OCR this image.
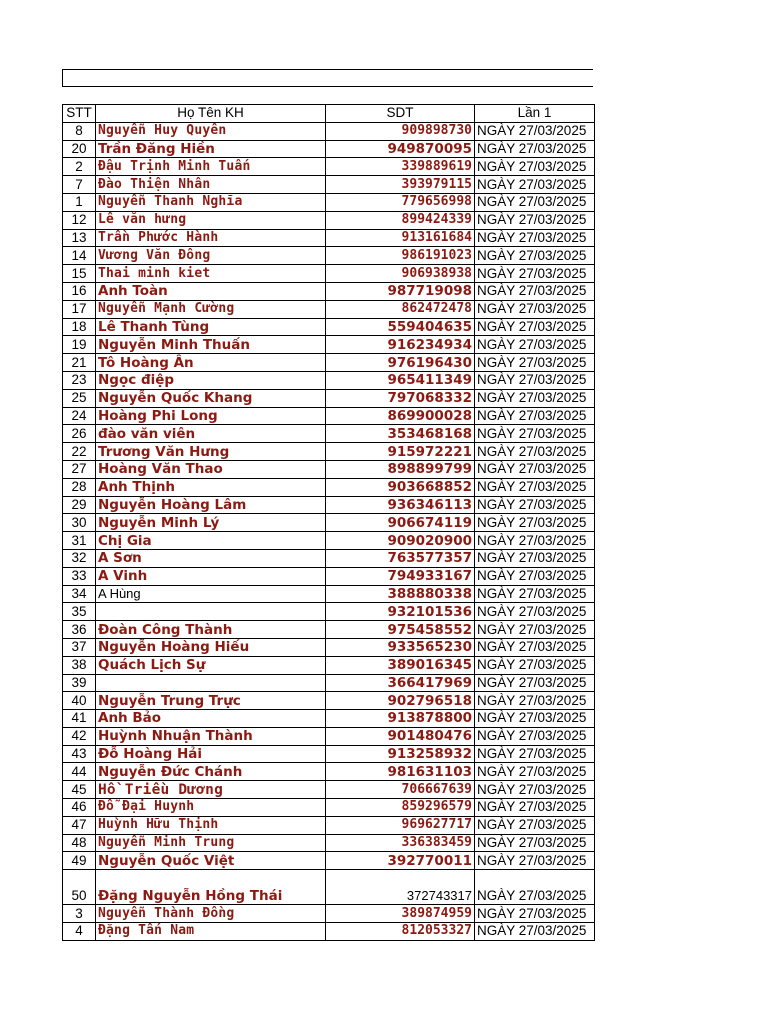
STT	Họ Tên KH	SDT	Lần 1
8	Nguyễn Huy Quyên	909898730	NGÀY 27/03/2025
20	Trần Đăng Hiền	949870095	NGÀY 27/03/2025
2	Đậu Trịnh Minh Tuấn	339889619	NGÀY 27/03/2025
7	Đào Thiện Nhân	393979115	NGÀY 27/03/2025
1	Nguyễn Thanh Nghĩa	779656998	NGÀY 27/03/2025
12	Lê văn hưng	899424339	NGÀY 27/03/2025
13	Trần Phước Hành	913161684	NGÀY 27/03/2025
14	Vương Văn Đông	986191023	NGÀY 27/03/2025
15	Thai minh kiet	906938938	NGÀY 27/03/2025
16	Anh Toàn	987719098	NGÀY 27/03/2025
17	Nguyễn Mạnh Cường	862472478	NGÀY 27/03/2025
18	Lê Thanh Tùng	559404635	NGÀY 27/03/2025
19	Nguyễn Minh Thuấn	916234934	NGÀY 27/03/2025
21	Tô Hoàng Ân	976196430	NGÀY 27/03/2025
23	Ngọc điệp	965411349	NGÀY 27/03/2025
25	Nguyễn Quốc Khang	797068332	NGÀY 27/03/2025
24	Hoàng Phi Long	869900028	NGÀY 27/03/2025
26	đào văn viên	353468168	NGÀY 27/03/2025
22	Trương Văn Hưng	915972221	NGÀY 27/03/2025
27	Hoàng Văn Thao	898899799	NGÀY 27/03/2025
28	Anh Thịnh	903668852	NGÀY 27/03/2025
29	Nguyễn Hoàng Lâm	936346113	NGÀY 27/03/2025
30	Nguyễn Minh Lý	906674119	NGÀY 27/03/2025
31	Chị Gia	909020900	NGÀY 27/03/2025
32	A Sơn	763577357	NGÀY 27/03/2025
33	A Vinh	794933167	NGÀY 27/03/2025
34	A Hùng	388880338	NGÀY 27/03/2025
35		932101536	NGÀY 27/03/2025
36	Đoàn Công Thành	975458552	NGÀY 27/03/2025
37	Nguyễn Hoàng Hiếu	933565230	NGÀY 27/03/2025
38	Quách Lịch Sự	389016345	NGÀY 27/03/2025
39		366417969	NGÀY 27/03/2025
40	Nguyễn Trung Trực	902796518	NGÀY 27/03/2025
41	Anh Bảo	913878800	NGÀY 27/03/2025
42	Huỳnh Nhuận Thành	901480476	NGÀY 27/03/2025
43	Đỗ Hoàng Hải	913258932	NGÀY 27/03/2025
44	Nguyễn Đức Chánh	981631103	NGÀY 27/03/2025
45	Hồ Triều Dương	706667639	NGÀY 27/03/2025
46	Đỗ Đại Huynh	859296579	NGÀY 27/03/2025
47	Huỳnh Hữu Thịnh	969627717	NGÀY 27/03/2025
48	Nguyễn Minh Trung	336383459	NGÀY 27/03/2025
49	Nguyễn Quốc Việt	392770011	NGÀY 27/03/2025
50	Đặng Nguyễn Hồng Thái	372743317	NGÀY 27/03/2025
3	Nguyễn Thành Đồng	389874959	NGÀY 27/03/2025
4	Đặng Tấn Nam	812053327	NGÀY 27/03/2025
